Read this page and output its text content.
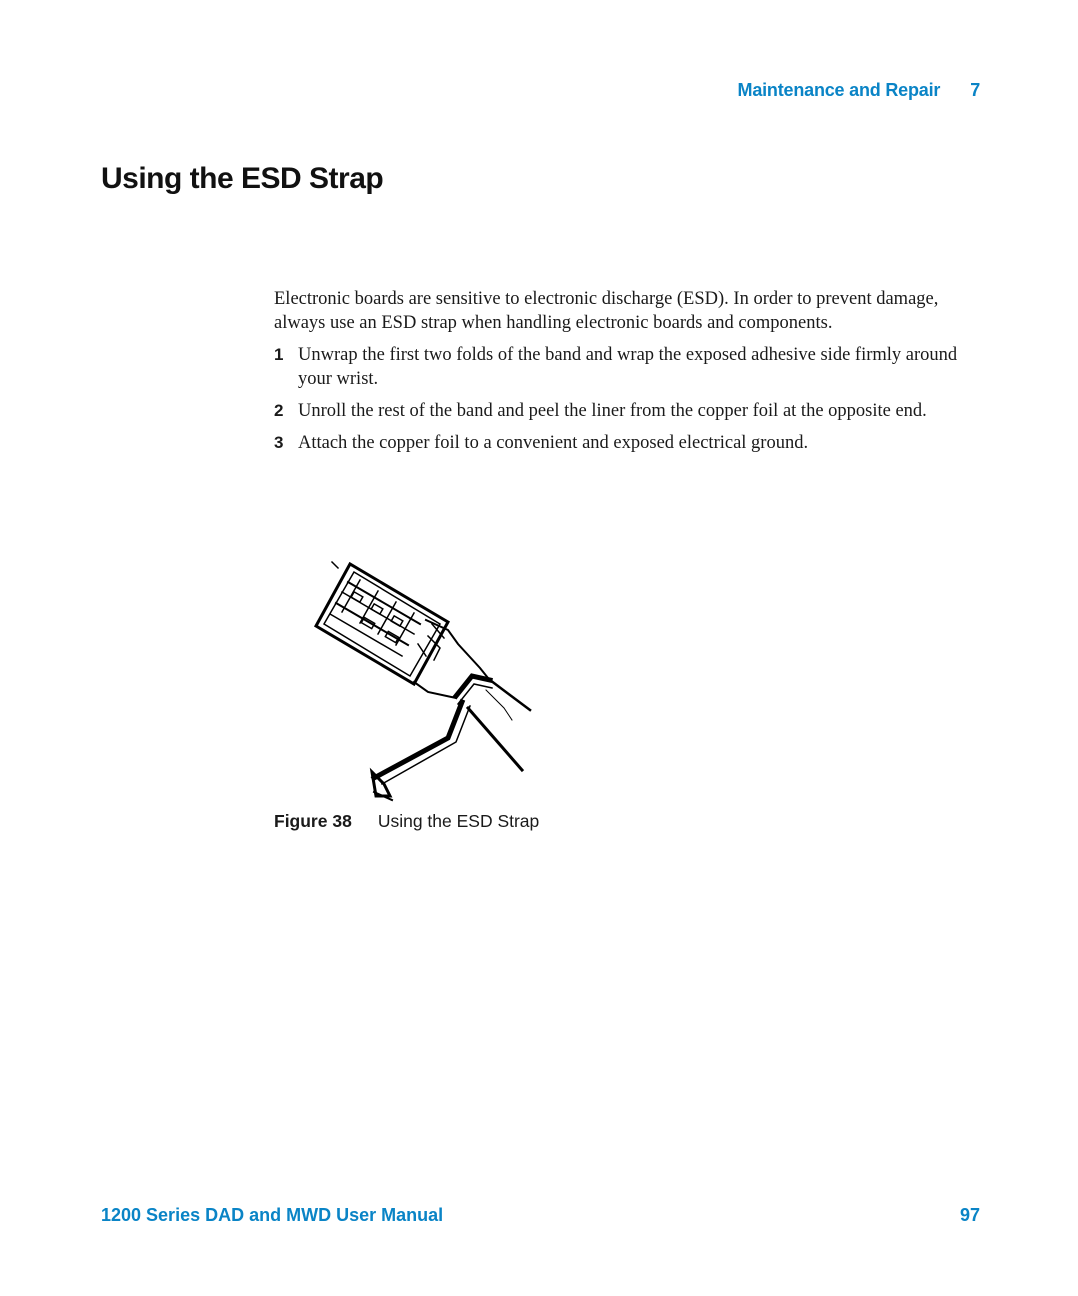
Maintenance and Repair 7
Using the ESD Strap

Electronic boards are sensitive to electronic discharge (ESD). In order to prevent damage, always use an ESD strap when handling electronic boards and components.

1 Unwrap the first two folds of the band and wrap the exposed adhesive side firmly around your wrist.
2 Unroll the rest of the band and peel the liner from the copper foil at the opposite end.
3 Attach the copper foil to a convenient and exposed electrical ground.
Figure 38 Using the ESD Strap
1200 Series DAD and MWD User Manual	97
